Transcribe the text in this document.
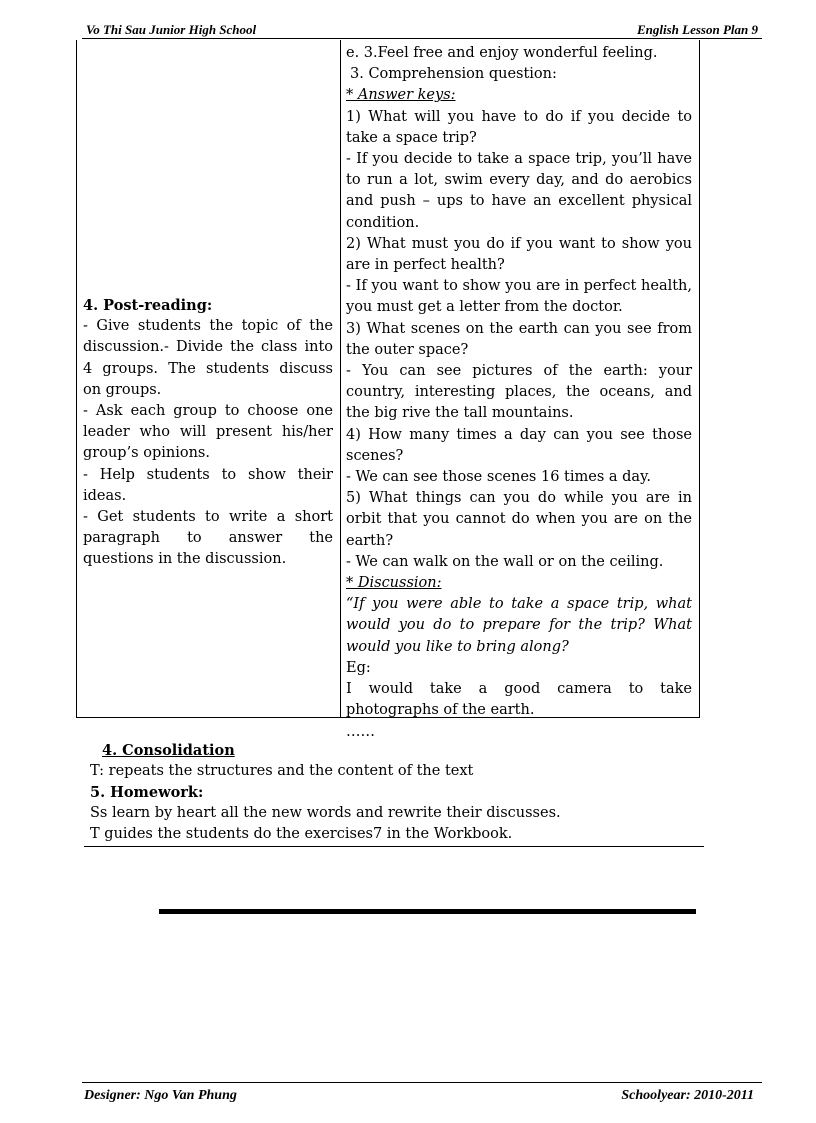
Vo Thi Sau Junior High School	English Lesson Plan 9

4. Post-reading:

- Give students the topic of the discussion.- Divide the class into 4 groups. The students discuss on groups.

- Ask each group to choose one leader who will present his/her group’s opinions.

- Help students to show their ideas.

- Get students to write a short paragraph to answer the questions in the discussion.

e. 3.Feel free and enjoy wonderful feeling.

3. Comprehension question:

* Answer keys:

1) What will you have to do if you decide to take a space trip?

- If you decide to take a space trip, you’ll have to run a lot, swim every day, and do aerobics and push – ups to have an excellent physical condition.

2) What must you do if you want to show you are in perfect health?

- If you want to show you are in perfect health, you must get a letter from the doctor.

3) What scenes on the earth can you see from the outer space?

- You can see pictures of the earth: your country, interesting places, the oceans, and the big rive the tall mountains.

4) How many times a day can you see those scenes?

- We can see those scenes 16 times a day.

5) What things can you do while you are in orbit that you cannot do when you are on the earth?

- We can walk on the wall or on the ceiling.

* Discussion:

“If you were able to take a space trip, what would you do to prepare for the trip? What would you like to bring along?

Eg:

I would take a good camera to take photographs of the earth.

……

4. Consolidation

T: repeats the structures and the content of the text

5. Homework:

Ss learn by heart all the new words and rewrite their discusses.

T guides the students do the exercises7 in the Workbook.

Designer: Ngo Van Phung	Schoolyear: 2010-2011
